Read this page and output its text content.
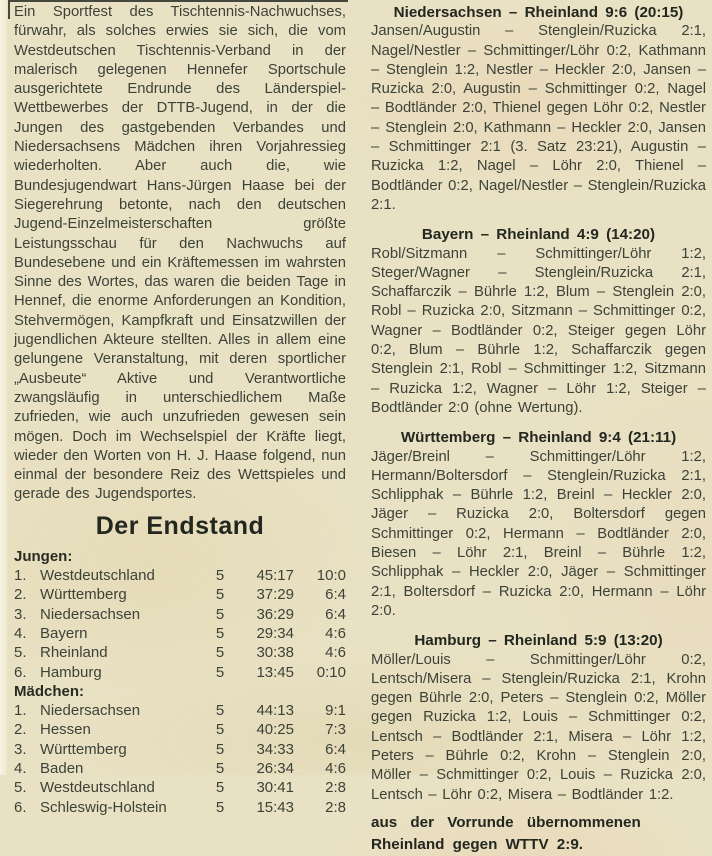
Ein Sportfest des Tischtennis-Nachwuchses, fürwahr, als solches erwies sie sich, die vom Westdeutschen Tischtennis-Verband in der malerisch gelegenen Hennefer Sportschule ausgerichtete Endrunde des Länderspiel-Wettbewerbes der DTTB-Jugend, in der die Jungen des gastgebenden Verbandes und Niedersachsens Mädchen ihren Vorjahressieg wiederholten. Aber auch die, wie Bundesjugendwart Hans-Jürgen Haase bei der Siegerehrung betonte, nach den deutschen Jugend-Einzelmeisterschaften größte Leistungsschau für den Nachwuchs auf Bundesebene und ein Kräftemessen im wahrsten Sinne des Wortes, das waren die beiden Tage in Hennef, die enorme Anforderungen an Kondition, Stehvermögen, Kampfkraft und Einsatzwillen der jugendlichen Akteure stellten. Alles in allem eine gelungene Veranstaltung, mit deren sportlicher „Ausbeute“ Aktive und Verantwortliche zwangsläufig in unterschiedlichem Maße zufrieden, wie auch unzufrieden gewesen sein mögen. Doch im Wechselspiel der Kräfte liegt, wieder den Worten von H. J. Haase folgend, nun einmal der besondere Reiz des Wettspieles und gerade des Jugendsportes.

Der Endstand
Jungen:
1. Westdeutschland	5	45:17	10:0
2. Württemberg	5	37:29	6:4
3. Niedersachsen	5	36:29	6:4
4. Bayern	5	29:34	4:6
5. Rheinland	5	30:38	4:6
6. Hamburg	5	13:45	0:10
Mädchen:
1. Niedersachsen	5	44:13	9:1
2. Hessen	5	40:25	7:3
3. Württemberg	5	34:33	6:4
4. Baden	5	26:34	4:6
5. Westdeutschland	5	30:41	2:8
6. Schleswig-Holstein	5	15:43	2:8
Niedersachsen – Rheinland 9:6 (20:15)

Jansen/Augustin – Stenglein/Ruzicka 2:1, Nagel/Nestler – Schmittinger/Löhr 0:2, Kathmann – Stenglein 1:2, Nestler – Heckler 2:0, Jansen – Ruzicka 2:0, Augustin – Schmittinger 0:2, Nagel – Bodtländer 2:0, Thienel gegen Löhr 0:2, Nestler – Stenglein 2:0, Kathmann – Heckler 2:0, Jansen – Schmittinger 2:1 (3. Satz 23:21), Augustin – Ruzicka 1:2, Nagel – Löhr 2:0, Thienel – Bodtländer 0:2, Nagel/Nestler – Stenglein/Ruzicka 2:1.

Bayern – Rheinland 4:9 (14:20)

Robl/Sitzmann – Schmittinger/Löhr 1:2, Steger/Wagner – Stenglein/Ruzicka 2:1, Schaffarczik – Bührle 1:2, Blum – Stenglein 2:0, Robl – Ruzicka 2:0, Sitzmann – Schmittinger 0:2, Wagner – Bodtländer 0:2, Steiger gegen Löhr 0:2, Blum – Bührle 1:2, Schaffarczik gegen Stenglein 2:1, Robl – Schmittinger 1:2, Sitzmann – Ruzicka 1:2, Wagner – Löhr 1:2, Steiger – Bodtländer 2:0 (ohne Wertung).

Württemberg – Rheinland 9:4 (21:11)

Jäger/Breinl – Schmittinger/Löhr 1:2, Hermann/Boltersdorf – Stenglein/Ruzicka 2:1, Schlipphak – Bührle 1:2, Breinl – Heckler 2:0, Jäger – Ruzicka 2:0, Boltersdorf gegen Schmittinger 0:2, Hermann – Bodtländer 2:0, Biesen – Löhr 2:1, Breinl – Bührle 1:2, Schlipphak – Heckler 2:0, Jäger – Schmittinger 2:1, Boltersdorf – Ruzicka 2:0, Hermann – Löhr 2:0.

Hamburg – Rheinland 5:9 (13:20)

Möller/Louis – Schmittinger/Löhr 0:2, Lentsch/Misera – Stenglein/Ruzicka 2:1, Krohn gegen Bührle 2:0, Peters – Stenglein 0:2, Möller gegen Ruzicka 1:2, Louis – Schmittinger 0:2, Lentsch – Bodtländer 2:1, Misera – Löhr 1:2, Peters – Bührle 0:2, Krohn – Stenglein 2:0, Möller – Schmittinger 0:2, Louis – Ruzicka 2:0, Lentsch – Löhr 0:2, Misera – Bodtländer 1:2.

aus der Vorrunde übernommenen
Rheinland gegen WTTV 2:9.
